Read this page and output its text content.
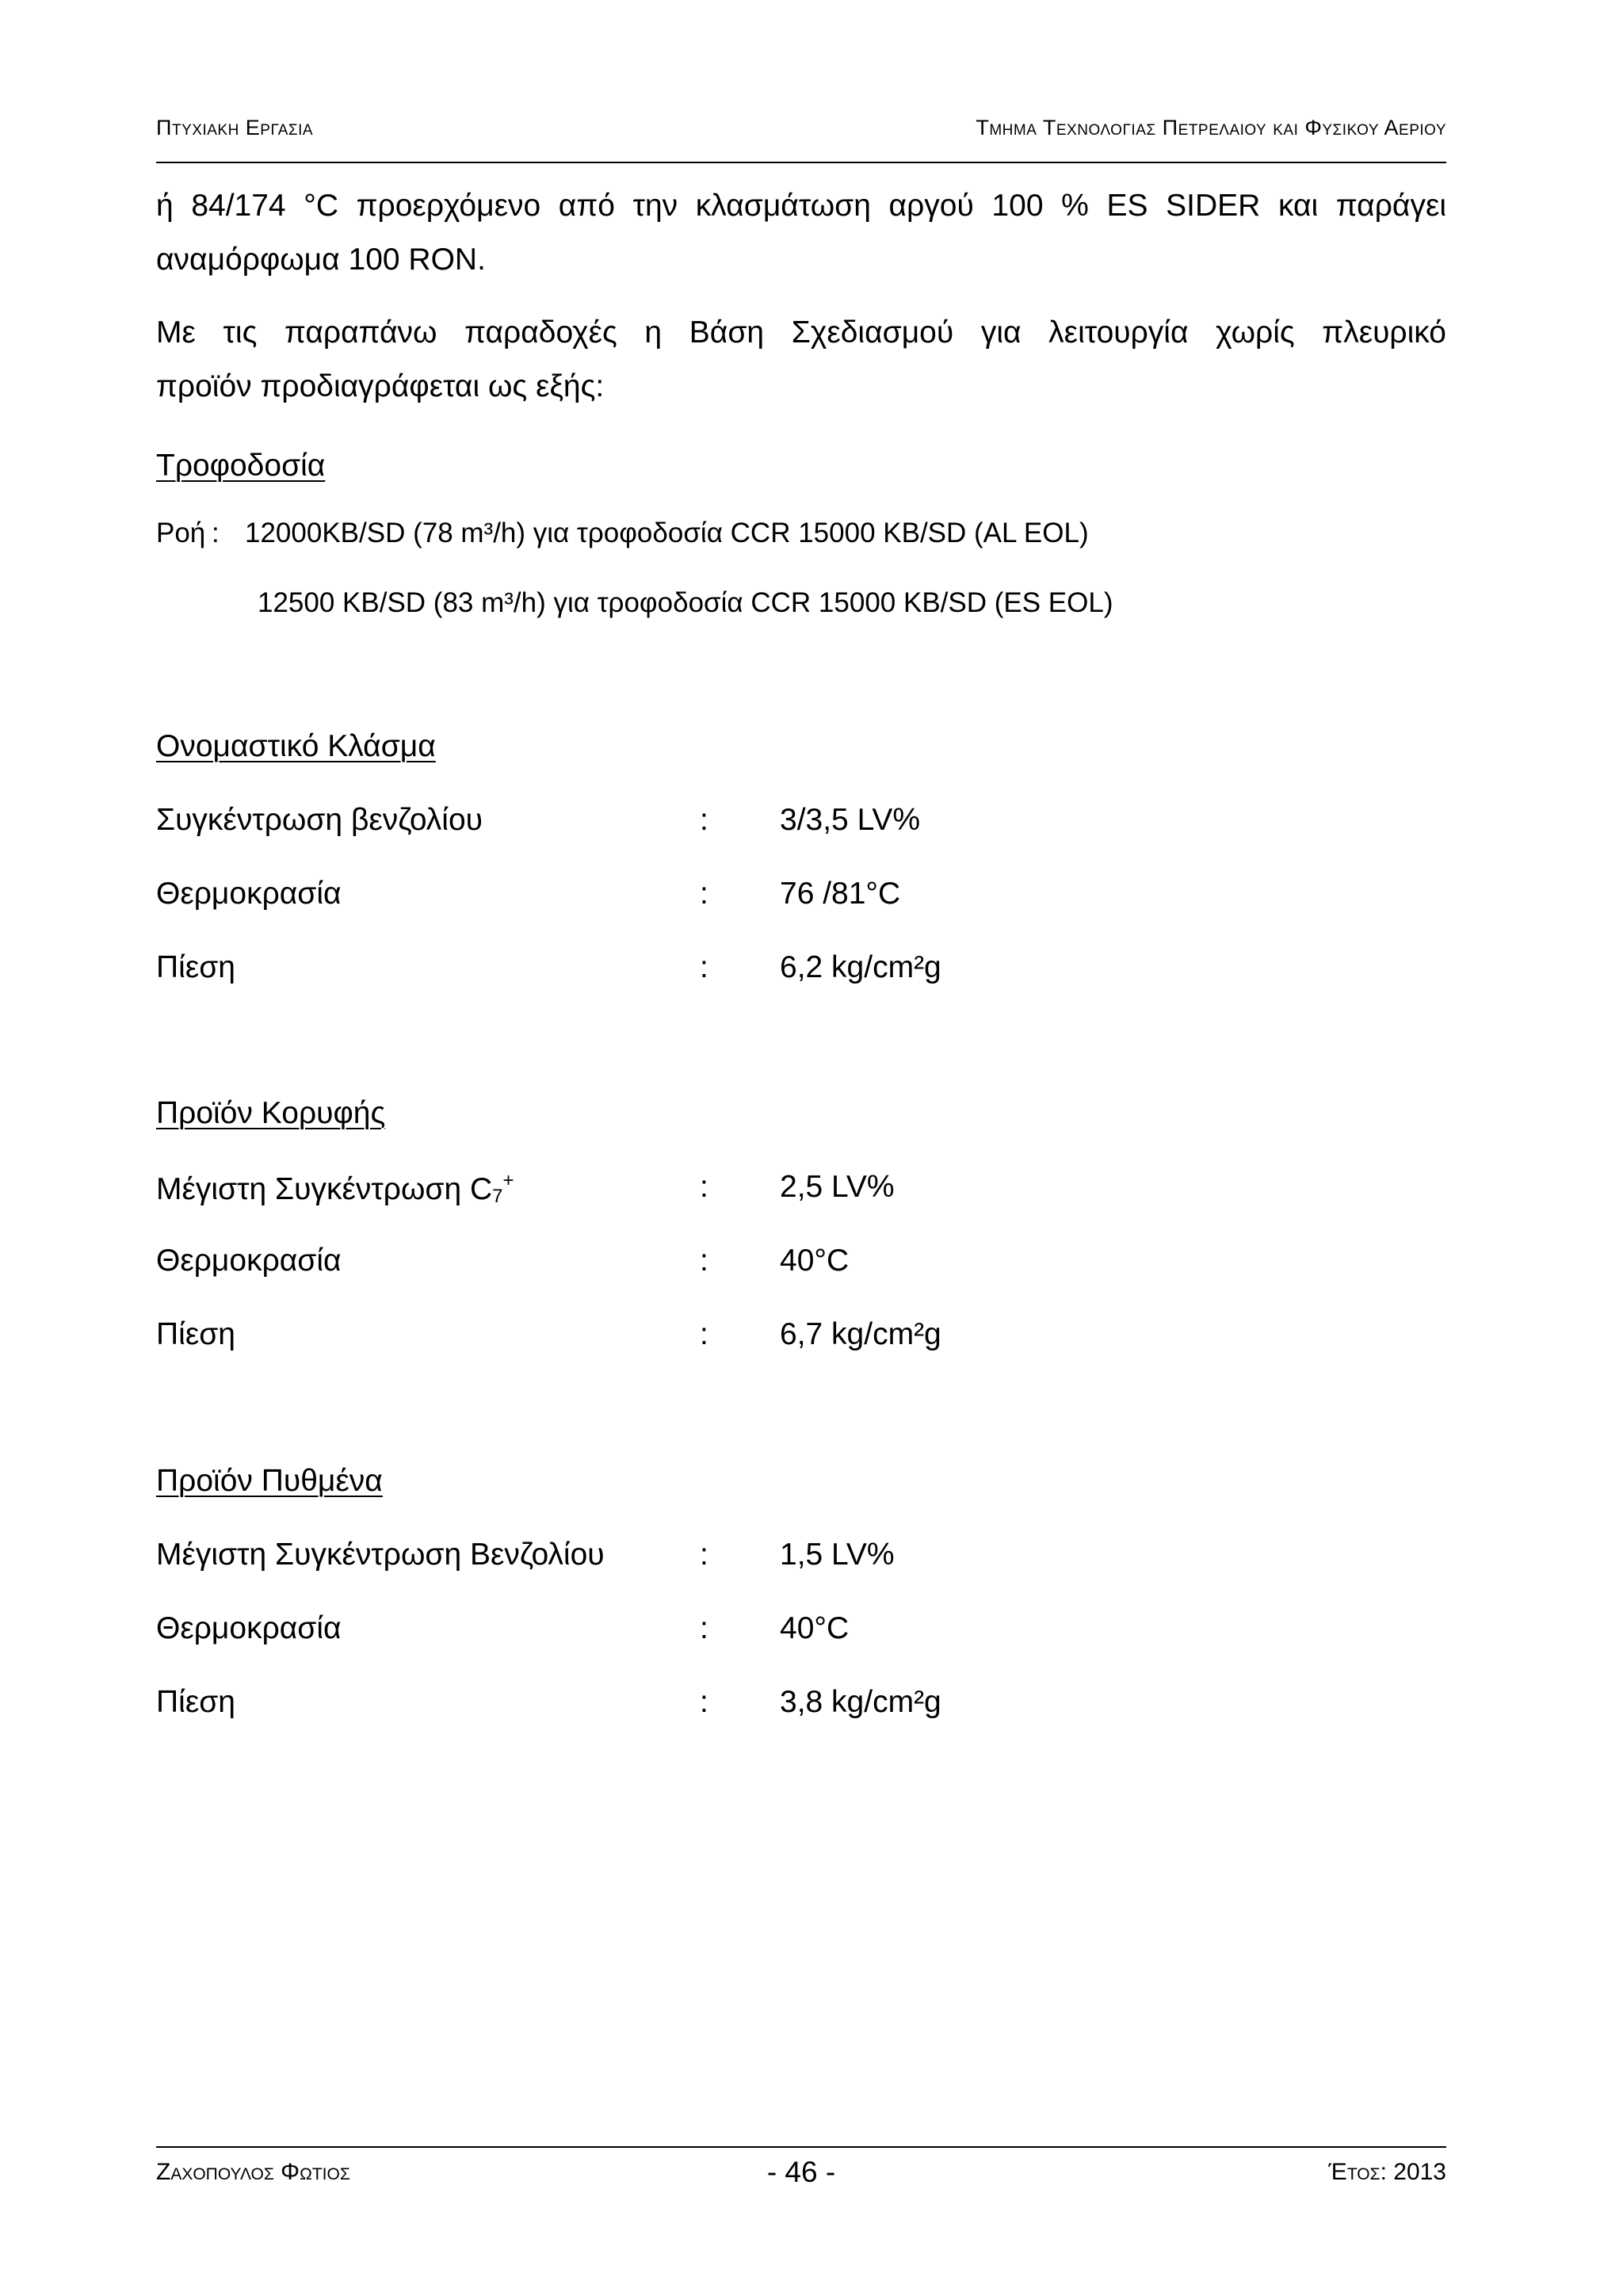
Πτυχιακη Εργασια	Τμημα Τεχνολογιας Πετρελαιου και Φυσικου Αεριου
ή 84/174 °C προερχόμενο από την κλασμάτωση αργού 100 % ES SIDER και παράγει
αναμόρφωμα 100 RON.
Με τις παραπάνω παραδοχές η Βάση Σχεδιασμού για λειτουργία χωρίς πλευρικό
προϊόν προδιαγράφεται ως εξής:
Τροφοδοσία
Ροή : 12000KB/SD (78 m³/h) για τροφοδοσία CCR 15000 KB/SD (AL EOL)
12500 KB/SD (83 m³/h) για τροφοδοσία CCR 15000 KB/SD (ES EOL)
Ονομαστικό Κλάσμα
Συγκέντρωση βενζολίου	: 3/3,5 LV%
Θερμοκρασία	: 76 /81°C
Πίεση	: 6,2 kg/cm²g
Προϊόν Κορυφής
Μέγιστη Συγκέντρωση C7+	: 2,5 LV%
Θερμοκρασία	: 40°C
Πίεση	: 6,7 kg/cm²g
Προϊόν Πυθμένα
Μέγιστη Συγκέντρωση Βενζολίου	: 1,5 LV%
Θερμοκρασία	: 40°C
Πίεση	: 3,8 kg/cm²g
Ζαχοπουλος Φωτιος	- 46 -	Έτος: 2013
